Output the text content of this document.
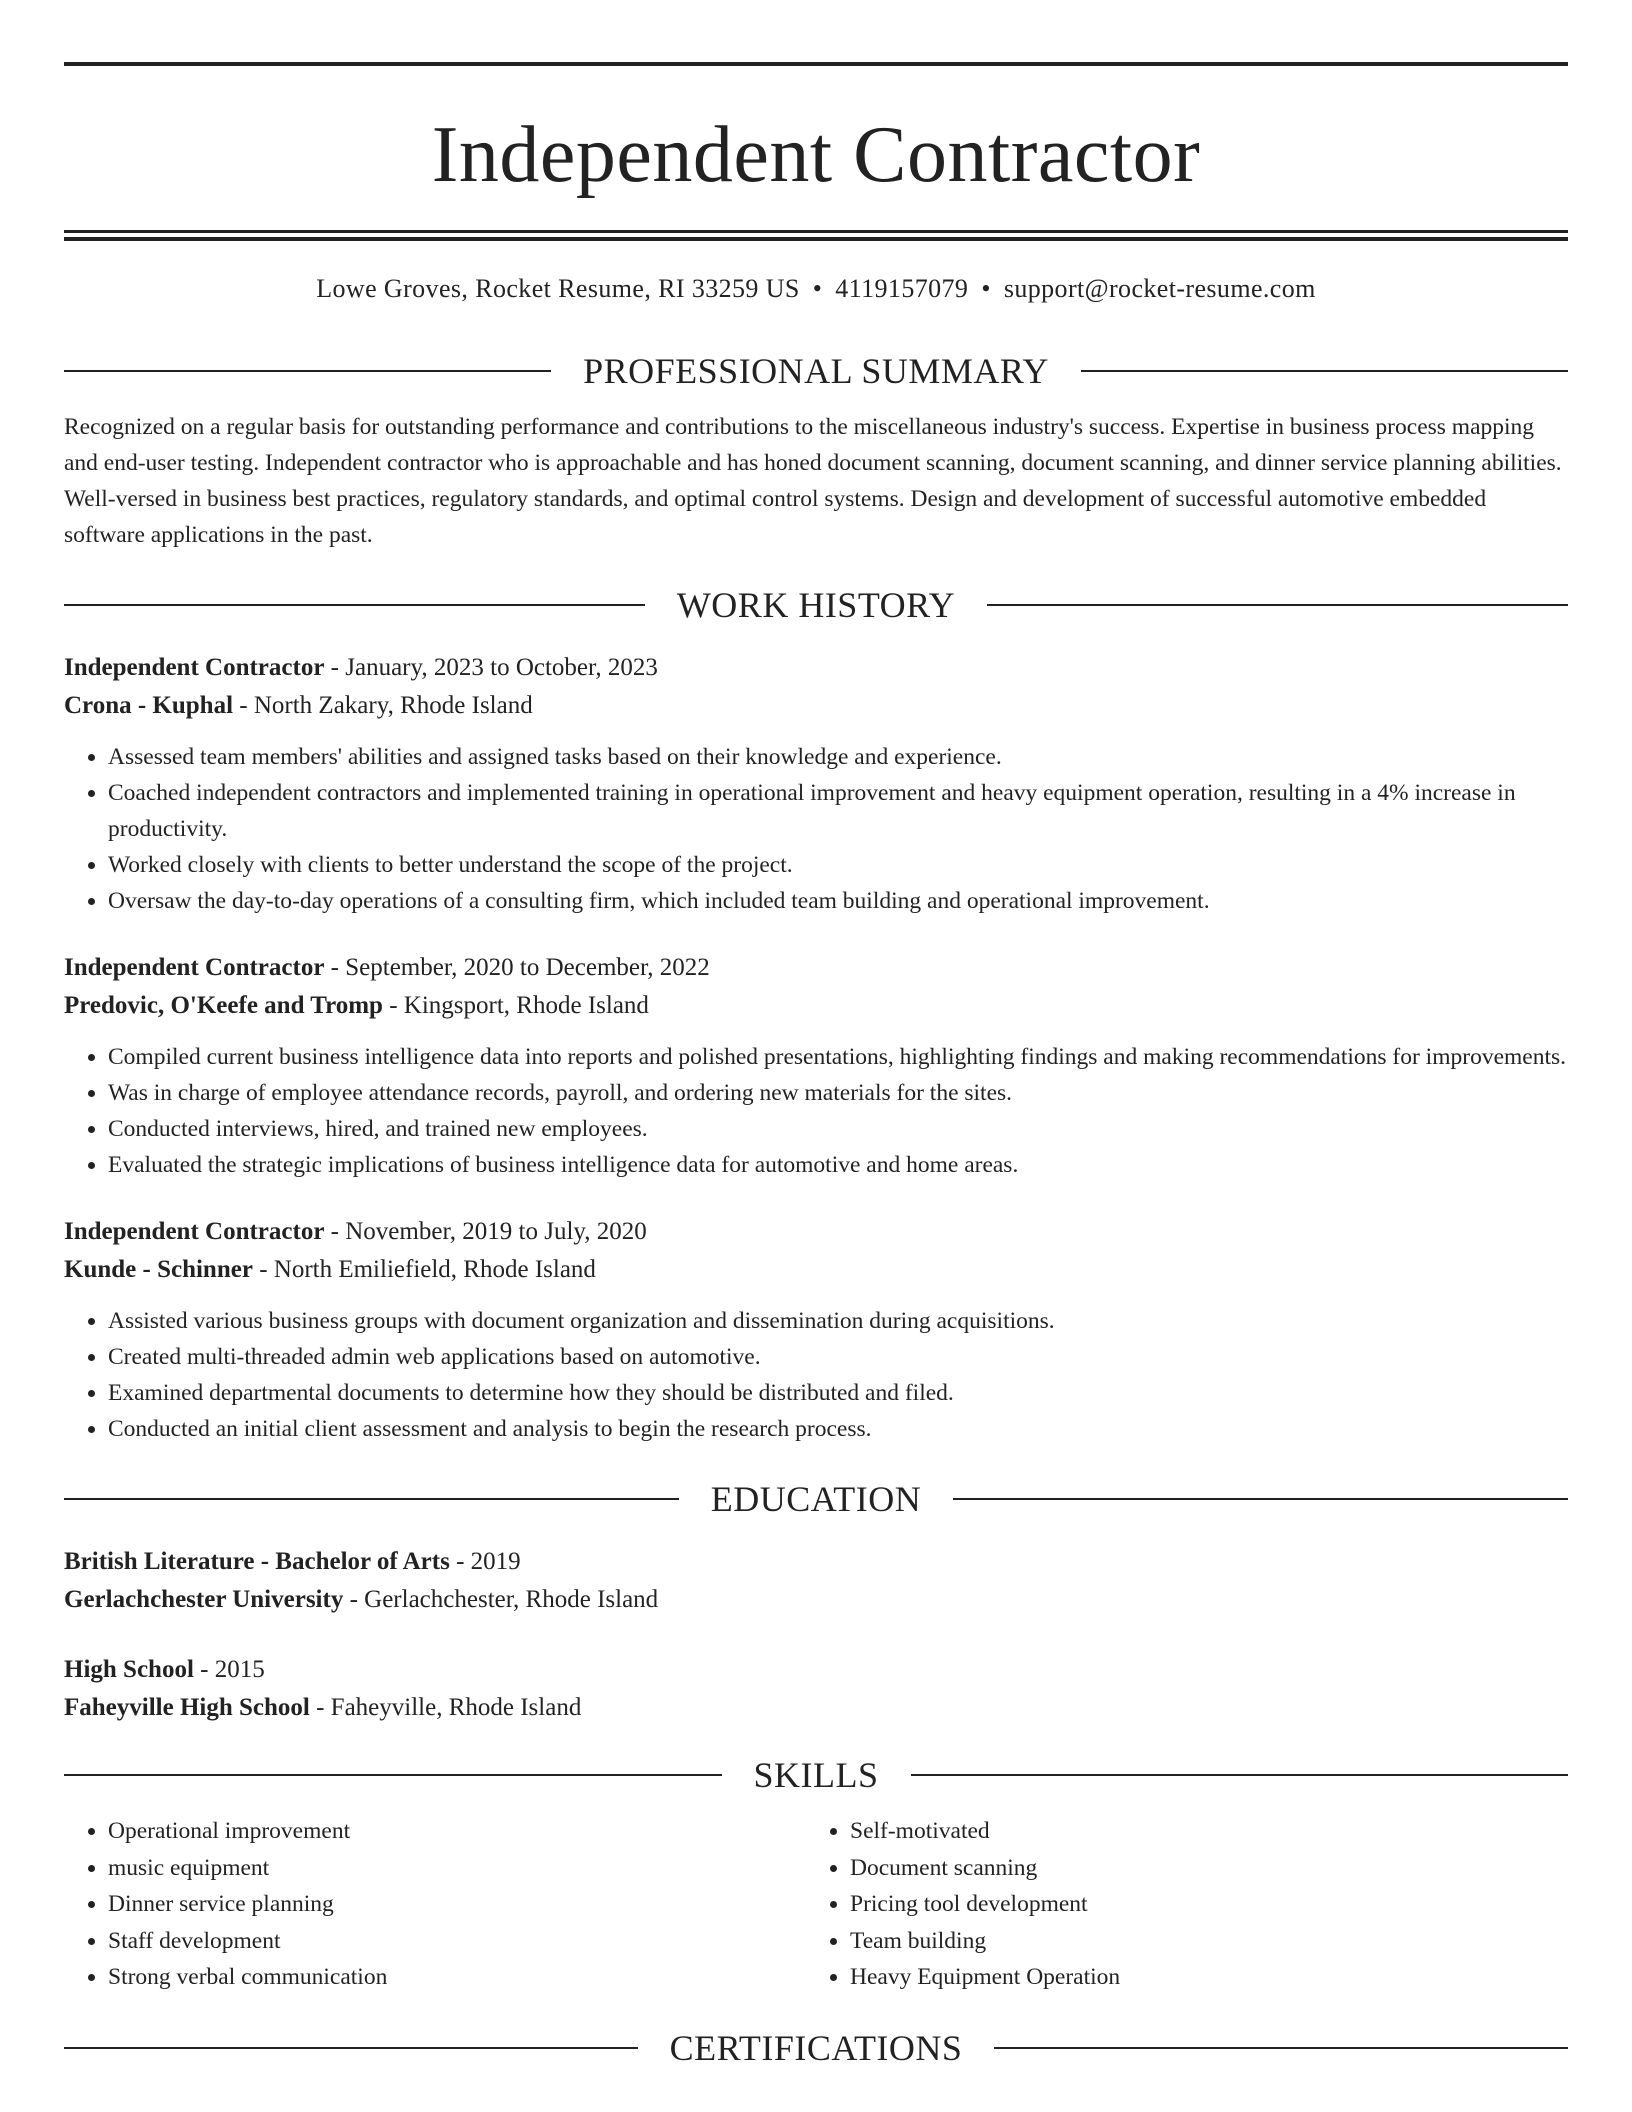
Independent Contractor
Lowe Groves, Rocket Resume, RI 33259 US • 4119157079 • support@rocket-resume.com
PROFESSIONAL SUMMARY
Recognized on a regular basis for outstanding performance and contributions to the miscellaneous industry's success. Expertise in business process mapping and end-user testing. Independent contractor who is approachable and has honed document scanning, document scanning, and dinner service planning abilities. Well-versed in business best practices, regulatory standards, and optimal control systems. Design and development of successful automotive embedded software applications in the past.
WORK HISTORY
Independent Contractor - January, 2023 to October, 2023
Crona - Kuphal - North Zakary, Rhode Island
• Assessed team members' abilities and assigned tasks based on their knowledge and experience.
• Coached independent contractors and implemented training in operational improvement and heavy equipment operation, resulting in a 4% increase in productivity.
• Worked closely with clients to better understand the scope of the project.
• Oversaw the day-to-day operations of a consulting firm, which included team building and operational improvement.
Independent Contractor - September, 2020 to December, 2022
Predovic, O'Keefe and Tromp - Kingsport, Rhode Island
• Compiled current business intelligence data into reports and polished presentations, highlighting findings and making recommendations for improvements.
• Was in charge of employee attendance records, payroll, and ordering new materials for the sites.
• Conducted interviews, hired, and trained new employees.
• Evaluated the strategic implications of business intelligence data for automotive and home areas.
Independent Contractor - November, 2019 to July, 2020
Kunde - Schinner - North Emiliefield, Rhode Island
• Assisted various business groups with document organization and dissemination during acquisitions.
• Created multi-threaded admin web applications based on automotive.
• Examined departmental documents to determine how they should be distributed and filed.
• Conducted an initial client assessment and analysis to begin the research process.
EDUCATION
British Literature - Bachelor of Arts - 2019
Gerlachchester University - Gerlachchester, Rhode Island
High School - 2015
Faheyville High School - Faheyville, Rhode Island
SKILLS
• Operational improvement
• music equipment
• Dinner service planning
• Staff development
• Strong verbal communication
• Self-motivated
• Document scanning
• Pricing tool development
• Team building
• Heavy Equipment Operation
CERTIFICATIONS
